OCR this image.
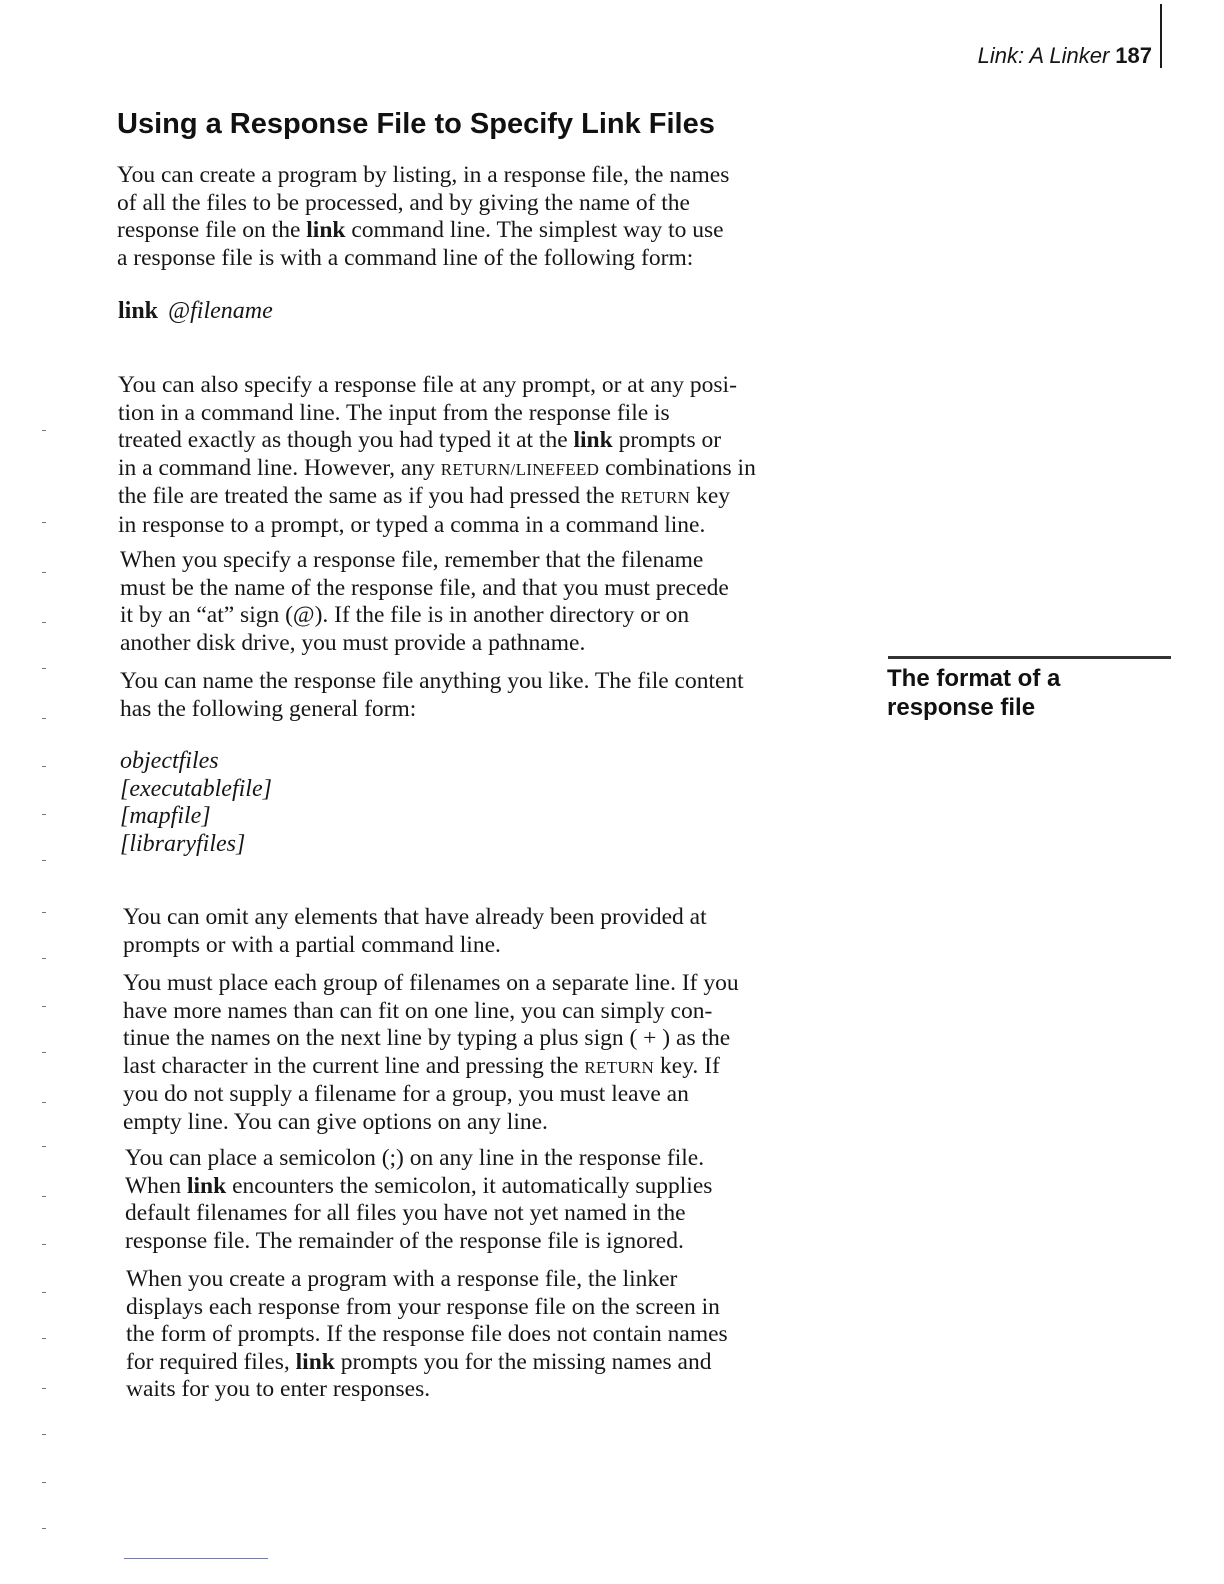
Link: A Linker 187
Using a Response File to Specify Link Files
You can create a program by listing, in a response file, the names
of all the files to be processed, and by giving the name of the
response file on the link command line. The simplest way to use
a response file is with a command line of the following form:
link @filename
You can also specify a response file at any prompt, or at any posi-
tion in a command line. The input from the response file is
treated exactly as though you had typed it at the link prompts or
in a command line. However, any RETURN/LINEFEED combinations in
the file are treated the same as if you had pressed the RETURN key
in response to a prompt, or typed a comma in a command line.
When you specify a response file, remember that the filename
must be the name of the response file, and that you must precede
it by an “at” sign (@). If the file is in another directory or on
another disk drive, you must provide a pathname.
The format of a
response file
You can name the response file anything you like. The file content
has the following general form:
objectfiles
[executablefile]
[mapfile]
[libraryfiles]
You can omit any elements that have already been provided at
prompts or with a partial command line.
You must place each group of filenames on a separate line. If you
have more names than can fit on one line, you can simply con-
tinue the names on the next line by typing a plus sign ( + ) as the
last character in the current line and pressing the RETURN key. If
you do not supply a filename for a group, you must leave an
empty line. You can give options on any line.
You can place a semicolon (;) on any line in the response file.
When link encounters the semicolon, it automatically supplies
default filenames for all files you have not yet named in the
response file. The remainder of the response file is ignored.
When you create a program with a response file, the linker
displays each response from your response file on the screen in
the form of prompts. If the response file does not contain names
for required files, link prompts you for the missing names and
waits for you to enter responses.
